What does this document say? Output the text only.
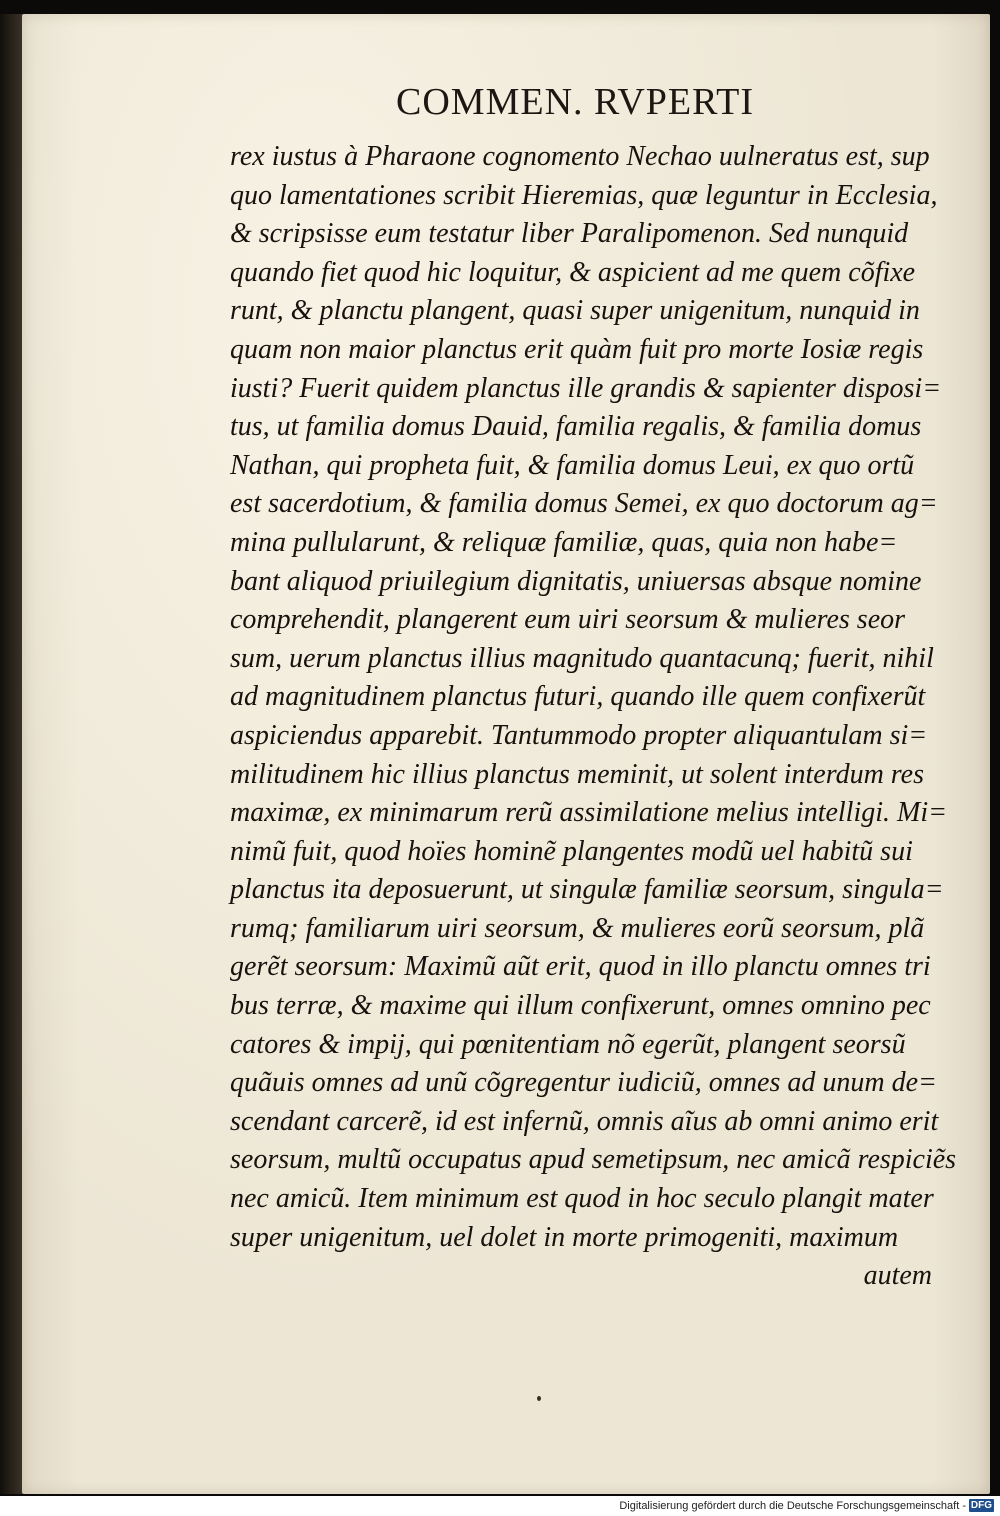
COMMEN. RVPERTI
rex iustus à Pharaone cognomento Nechao uulneratus est, sup
quo lamentationes scribit Hieremias, quæ leguntur in Ecclesia,
& scripsisse eum testatur liber Paralipomenon. Sed nunquid
quando fiet quod hic loquitur, & aspicient ad me quem cõfixe
runt, & planctu plangent, quasi super unigenitum, nunquid in
quam non maior planctus erit quàm fuit pro morte Iosiæ regis
iusti? Fuerit quidem planctus ille grandis & sapienter disposi=
tus, ut familia domus Dauid, familia regalis, & familia domus
Nathan, qui propheta fuit, & familia domus Leui, ex quo ortũ
est sacerdotium, & familia domus Semei, ex quo doctorum ag=
mina pullularunt, & reliquæ familiæ, quas, quia non habe=
bant aliquod priuilegium dignitatis, uniuersas absque nomine
comprehendit, plangerent eum uiri seorsum & mulieres seor
sum, uerum planctus illius magnitudo quantacunq; fuerit, nihil
ad magnitudinem planctus futuri, quando ille quem confixerũt
aspiciendus apparebit. Tantummodo propter aliquantulam si=
militudinem hic illius planctus meminit, ut solent interdum res
maximæ, ex minimarum rerũ assimilatione melius intelligi. Mi=
nimũ fuit, quod hoïes hominẽ plangentes modũ uel habitũ sui
planctus ita deposuerunt, ut singulæ familiæ seorsum, singula=
rumq; familiarum uiri seorsum, & mulieres eorũ seorsum, plã
gerẽt seorsum: Maximũ aũt erit, quod in illo planctu omnes tri
bus terræ, & maxime qui illum confixerunt, omnes omnino pec
catores & impij, qui pœnitentiam nõ egerũt, plangent seorsũ
quãuis omnes ad unũ cõgregentur iudiciũ, omnes ad unum de=
scendant carcerẽ, id est infernũ, omnis aĩus ab omni animo erit
seorsum, multũ occupatus apud semetipsum, nec amicã respiciẽs
nec amicũ. Item minimum est quod in hoc seculo plangit mater
super unigenitum, uel dolet in morte primogeniti, maximum
autem
Digitalisierung gefördert durch die Deutsche Forschungsgemeinschaft - DFG
